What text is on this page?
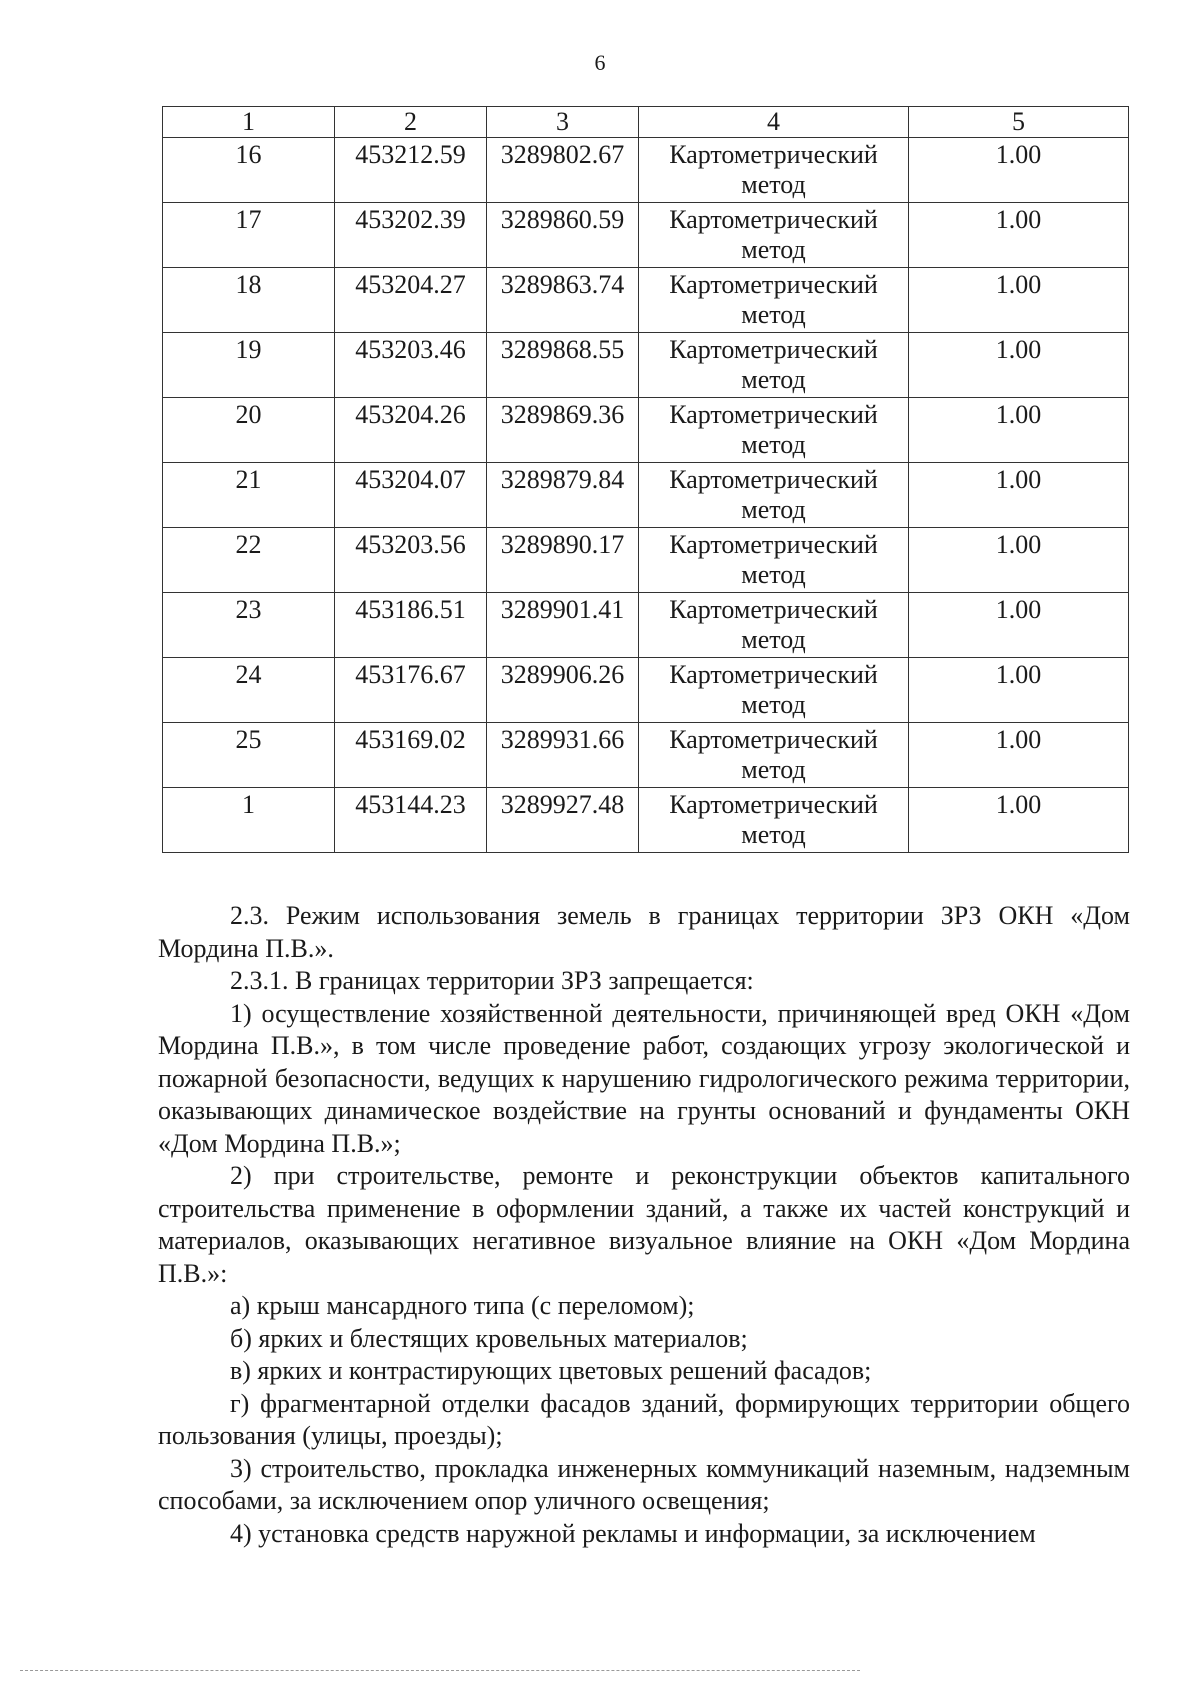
6
1	2	3	4	5
16	453212.59	3289802.67	Картометрический метод	1.00
17	453202.39	3289860.59	Картометрический метод	1.00
18	453204.27	3289863.74	Картометрический метод	1.00
19	453203.46	3289868.55	Картометрический метод	1.00
20	453204.26	3289869.36	Картометрический метод	1.00
21	453204.07	3289879.84	Картометрический метод	1.00
22	453203.56	3289890.17	Картометрический метод	1.00
23	453186.51	3289901.41	Картометрический метод	1.00
24	453176.67	3289906.26	Картометрический метод	1.00
25	453169.02	3289931.66	Картометрический метод	1.00
1	453144.23	3289927.48	Картометрический метод	1.00

2.3. Режим использования земель в границах территории ЗРЗ ОКН «Дом Мордина П.В.».

2.3.1. В границах территории ЗРЗ запрещается:

1) осуществление хозяйственной деятельности, причиняющей вред ОКН «Дом Мордина П.В.», в том числе проведение работ, создающих угрозу экологической и пожарной безопасности, ведущих к нарушению гидрологического режима территории, оказывающих динамическое воздействие на грунты оснований и фундаменты ОКН «Дом Мордина П.В.»;

2) при строительстве, ремонте и реконструкции объектов капитального строительства применение в оформлении зданий, а также их частей конструкций и материалов, оказывающих негативное визуальное влияние на ОКН «Дом Мордина П.В.»:

а) крыш мансардного типа (с переломом);

б) ярких и блестящих кровельных материалов;

в) ярких и контрастирующих цветовых решений фасадов;

г) фрагментарной отделки фасадов зданий, формирующих территории общего пользования (улицы, проезды);

3) строительство, прокладка инженерных коммуникаций наземным, надземным способами, за исключением опор уличного освещения;

4) установка средств наружной рекламы и информации, за исключением
